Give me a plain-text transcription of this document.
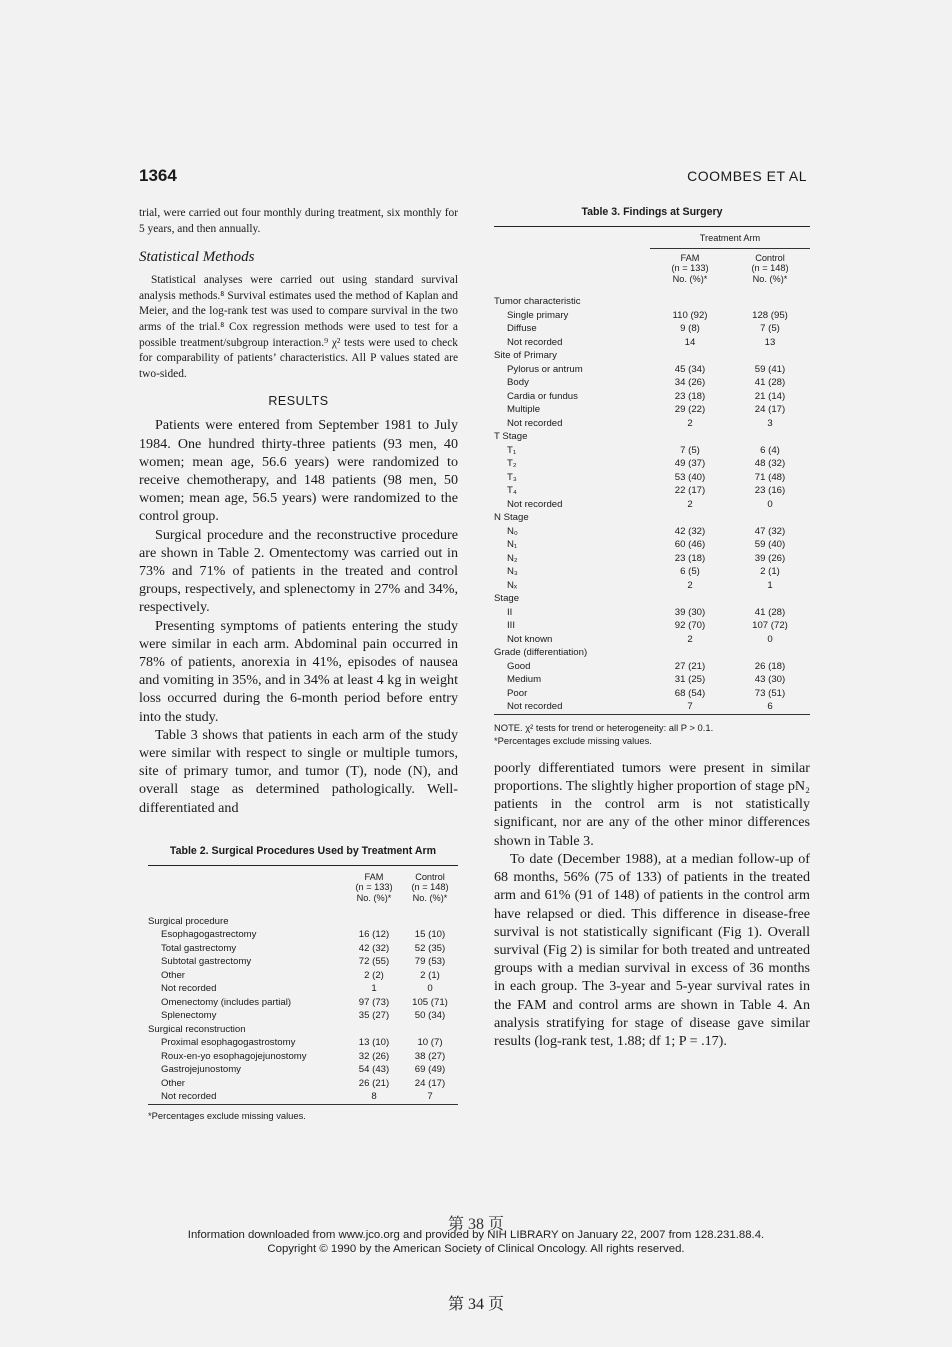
1364	COOMBES ET AL

trial, were carried out four monthly during treatment, six monthly for 5 years, and then annually.

Statistical Methods

Statistical analyses were carried out using standard survival analysis methods.⁸ Survival estimates used the method of Kaplan and Meier, and the log-rank test was used to compare survival in the two arms of the trial.⁸ Cox regression methods were used to test for a possible treatment/subgroup interaction.⁹ χ² tests were used to check for comparability of patients’ characteristics. All P values stated are two-sided.

RESULTS

Patients were entered from September 1981 to July 1984. One hundred thirty-three patients (93 men, 40 women; mean age, 56.6 years) were randomized to receive chemotherapy, and 148 patients (98 men, 50 women; mean age, 56.5 years) were randomized to the control group.

Surgical procedure and the reconstructive procedure are shown in Table 2. Omentectomy was carried out in 73% and 71% of patients in the treated and control groups, respectively, and splenectomy in 27% and 34%, respectively.

Presenting symptoms of patients entering the study were similar in each arm. Abdominal pain occurred in 78% of patients, anorexia in 41%, episodes of nausea and vomiting in 35%, and in 34% at least 4 kg in weight loss occurred during the 6-month period before entry into the study.

Table 3 shows that patients in each arm of the study were similar with respect to single or multiple tumors, site of primary tumor, and tumor (T), node (N), and overall stage as determined pathologically. Well-differentiated and

Table 2. Surgical Procedures Used by Treatment Arm
	FAM	Control
	(n = 133)	(n = 148)
	No. (%)*	No. (%)*
Surgical procedure		
Esophagogastrectomy	16 (12)	15 (10)
Total gastrectomy	42 (32)	52 (35)
Subtotal gastrectomy	72 (55)	79 (53)
Other	2 (2)	2 (1)
Not recorded	1	0
Omenectomy (includes partial)	97 (73)	105 (71)
Splenectomy	35 (27)	50 (34)
Surgical reconstruction		
Proximal esophagogastrostomy	13 (10)	10 (7)
Roux-en-yo esophagojejunostomy	32 (26)	38 (27)
Gastrojejunostomy	54 (43)	69 (49)
Other	26 (21)	24 (17)
Not recorded	8	7

*Percentages exclude missing values.

Table 3. Findings at Surgery
	Treatment Arm	
	FAM	Control
	(n = 133)	(n = 148)
	No. (%)*	No. (%)*
Tumor characteristic		
Single primary	110 (92)	128 (95)
Diffuse	9 (8)	7 (5)
Not recorded	14	13
Site of Primary		
Pylorus or antrum	45 (34)	59 (41)
Body	34 (26)	41 (28)
Cardia or fundus	23 (18)	21 (14)
Multiple	29 (22)	24 (17)
Not recorded	2	3
T Stage		
T₁	7 (5)	6 (4)
T₂	49 (37)	48 (32)
T₃	53 (40)	71 (48)
T₄	22 (17)	23 (16)
Not recorded	2	0
N Stage		
N₀	42 (32)	47 (32)
N₁	60 (46)	59 (40)
N₂	23 (18)	39 (26)
N₃	6 (5)	2 (1)
Nₓ	2	1
Stage		
II	39 (30)	41 (28)
III	92 (70)	107 (72)
Not known	2	0
Grade (differentiation)		
Good	27 (21)	26 (18)
Medium	31 (25)	43 (30)
Poor	68 (54)	73 (51)
Not recorded	7	6

NOTE. χ² tests for trend or heterogeneity: all P > 0.1.

*Percentages exclude missing values.

poorly differentiated tumors were present in similar proportions. The slightly higher proportion of stage pN₂ patients in the control arm is not statistically significant, nor are any of the other minor differences shown in Table 3.

To date (December 1988), at a median follow-up of 68 months, 56% (75 of 133) of patients in the treated arm and 61% (91 of 148) of patients in the control arm have relapsed or died. This difference in disease-free survival is not statistically significant (Fig 1). Overall survival (Fig 2) is similar for both treated and untreated groups with a median survival in excess of 36 months in each group. The 3-year and 5-year survival rates in the FAM and control arms are shown in Table 4. An analysis stratifying for stage of disease gave similar results (log-rank test, 1.88; df 1; P = .17).

第 38 页
Information downloaded from www.jco.org and provided by NIH LIBRARY on January 22, 2007 from 128.231.88.4.
Copyright © 1990 by the American Society of Clinical Oncology. All rights reserved.
第 34 页
